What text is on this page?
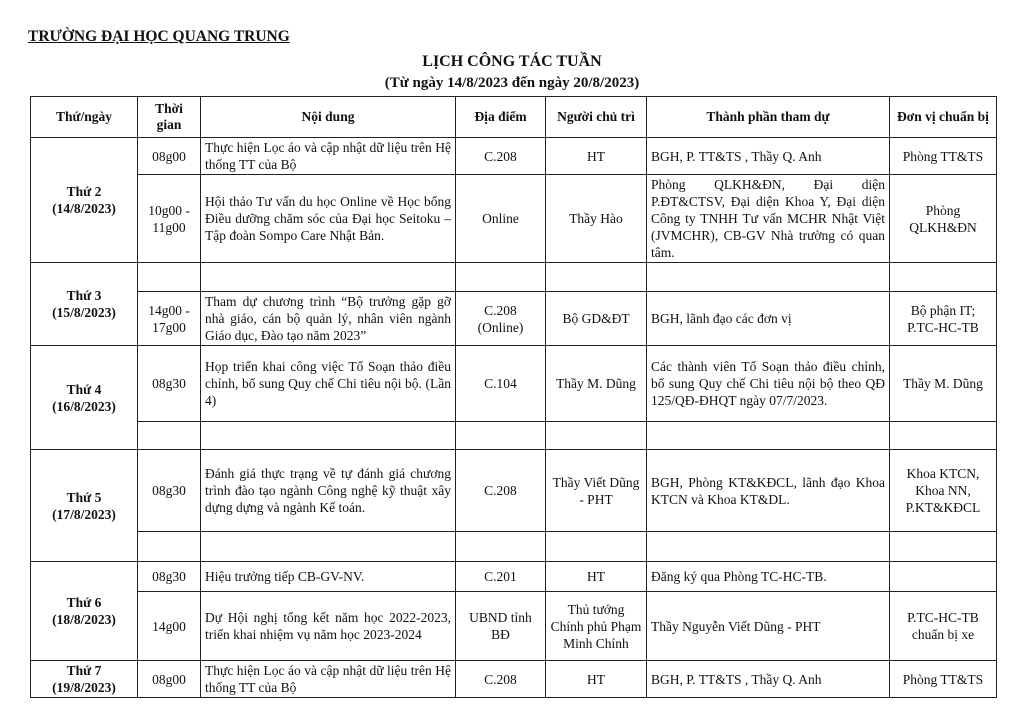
TRƯỜNG ĐẠI HỌC QUANG TRUNG
LỊCH CÔNG TÁC TUẦN
(Từ ngày 14/8/2023 đến ngày 20/8/2023)
Thứ/ngày	Thời gian	Nội dung	Địa điểm	Người chủ trì	Thành phần tham dự	Đơn vị chuẩn bị

Thứ 2
(14/8/2023)	08g00	Thực hiện Lọc áo và cập nhật dữ liệu trên Hệ thống TT của Bộ	C.208	HT	BGH, P. TT&TS , Thầy Q. Anh	Phòng TT&TS
	10g00 - 11g00	Hội thảo Tư vấn du học Online về Học bổng Điều dưỡng chăm sóc của Đại học Seitoku – Tập đoàn Sompo Care Nhật Bản.	Online	Thầy Hào	Phòng QLKH&ĐN, Đại diện P.ĐT&CTSV, Đại diện Khoa Y, Đại diện Công ty TNHH Tư vấn MCHR Nhật Việt (JVMCHR), CB-GV Nhà trường có quan tâm.	Phòng QLKH&ĐN

Thứ 3
(15/8/2023)						

	14g00 - 17g00	Tham dự chương trình “Bộ trưởng gặp gỡ nhà giáo, cán bộ quản lý, nhân viên ngành Giáo dục, Đào tạo năm 2023”	C.208 (Online)	Bộ GD&ĐT	BGH, lãnh đạo các đơn vị	Bộ phận IT; P.TC-HC-TB

Thứ 4
(16/8/2023)	08g30	Họp triển khai công việc Tổ Soạn thảo điều chỉnh, bổ sung Quy chế Chi tiêu nội bộ. (Lần 4)	C.104	Thầy M. Dũng	Các thành viên Tổ Soạn thảo điều chỉnh, bổ sung Quy chế Chi tiêu nội bộ theo QĐ 125/QĐ-ĐHQT ngày 07/7/2023.	Thầy M. Dũng

Thứ 5
(17/8/2023)	08g30	Đánh giá thực trạng về tự đánh giá chương trình đào tạo ngành Công nghệ kỹ thuật xây dựng dựng và ngành Kế toán.	C.208	Thầy Viết Dũng - PHT	BGH, Phòng KT&KĐCL, lãnh đạo Khoa KTCN và Khoa KT&DL.	Khoa KTCN, Khoa NN, P.KT&KĐCL

Thứ 6
(18/8/2023)	08g30	Hiệu trưởng tiếp CB-GV-NV.	C.201	HT	Đăng ký qua Phòng TC-HC-TB.	
	14g00	Dự Hội nghị tổng kết năm học 2022-2023, triển khai nhiệm vụ năm học 2023-2024	UBND tỉnh BĐ	Thủ tướng Chính phủ Phạm Minh Chính	Thầy Nguyễn Viết Dũng - PHT	P.TC-HC-TB chuẩn bị xe

Thứ 7
(19/8/2023)	08g00	Thực hiện Lọc áo và cập nhật dữ liệu trên Hệ thống TT của Bộ	C.208	HT	BGH, P. TT&TS , Thầy Q. Anh	Phòng TT&TS
